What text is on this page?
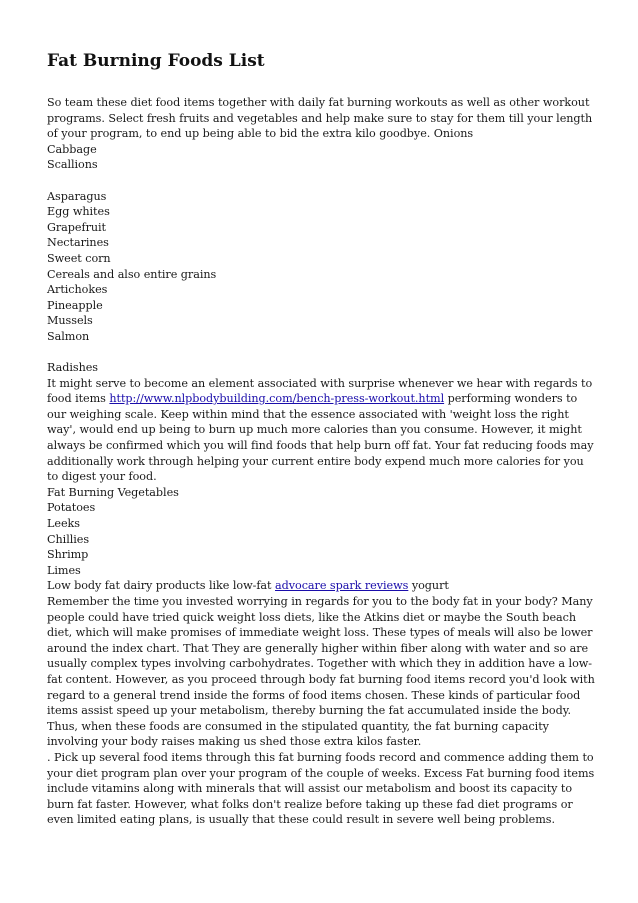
Fat Burning Foods List

So team these diet food items together with daily fat burning workouts as well as other workout programs. Select fresh fruits and vegetables and help make sure to stay for them till your length of your program, to end up being able to bid the extra kilo goodbye. Onions

Cabbage
Scallions
Asparagus
Egg whites
Grapefruit
Nectarines
Sweet corn
Cereals and also entire grains
Artichokes
Pineapple
Mussels
Salmon
Radishes

It might serve to become an element associated with surprise whenever we hear with regards to food items http://www.nlpbodybuilding.com/bench-press-workout.html performing wonders to our weighing scale. Keep within mind that the essence associated with 'weight loss the right way', would end up being to burn up much more calories than you consume. However, it might always be confirmed which you will find foods that help burn off fat. Your fat reducing foods may additionally work through helping your current entire body expend much more calories for you to digest your food.

Fat Burning Vegetables
Potatoes
Leeks
Chillies
Shrimp
Limes

Low body fat dairy products like low-fat advocare spark reviews yogurt

Remember the time you invested worrying in regards for you to the body fat in your body? Many people could have tried quick weight loss diets, like the Atkins diet or maybe the South beach diet, which will make promises of immediate weight loss. These types of meals will also be lower around the index chart. That They are generally higher within fiber along with water and so are usually complex types involving carbohydrates. Together with which they in addition have a low-fat content. However, as you proceed through body fat burning food items record you'd look with regard to a general trend inside the forms of food items chosen. These kinds of particular food items assist speed up your metabolism, thereby burning the fat accumulated inside the body. Thus, when these foods are consumed in the stipulated quantity, the fat burning capacity involving your body raises making us shed those extra kilos faster.

. Pick up several food items through this fat burning foods record and commence adding them to your diet program plan over your program of the couple of weeks. Excess Fat burning food items include vitamins along with minerals that will assist our metabolism and boost its capacity to burn fat faster. However, what folks don't realize before taking up these fad diet programs or even limited eating plans, is usually that these could result in severe well being problems.
